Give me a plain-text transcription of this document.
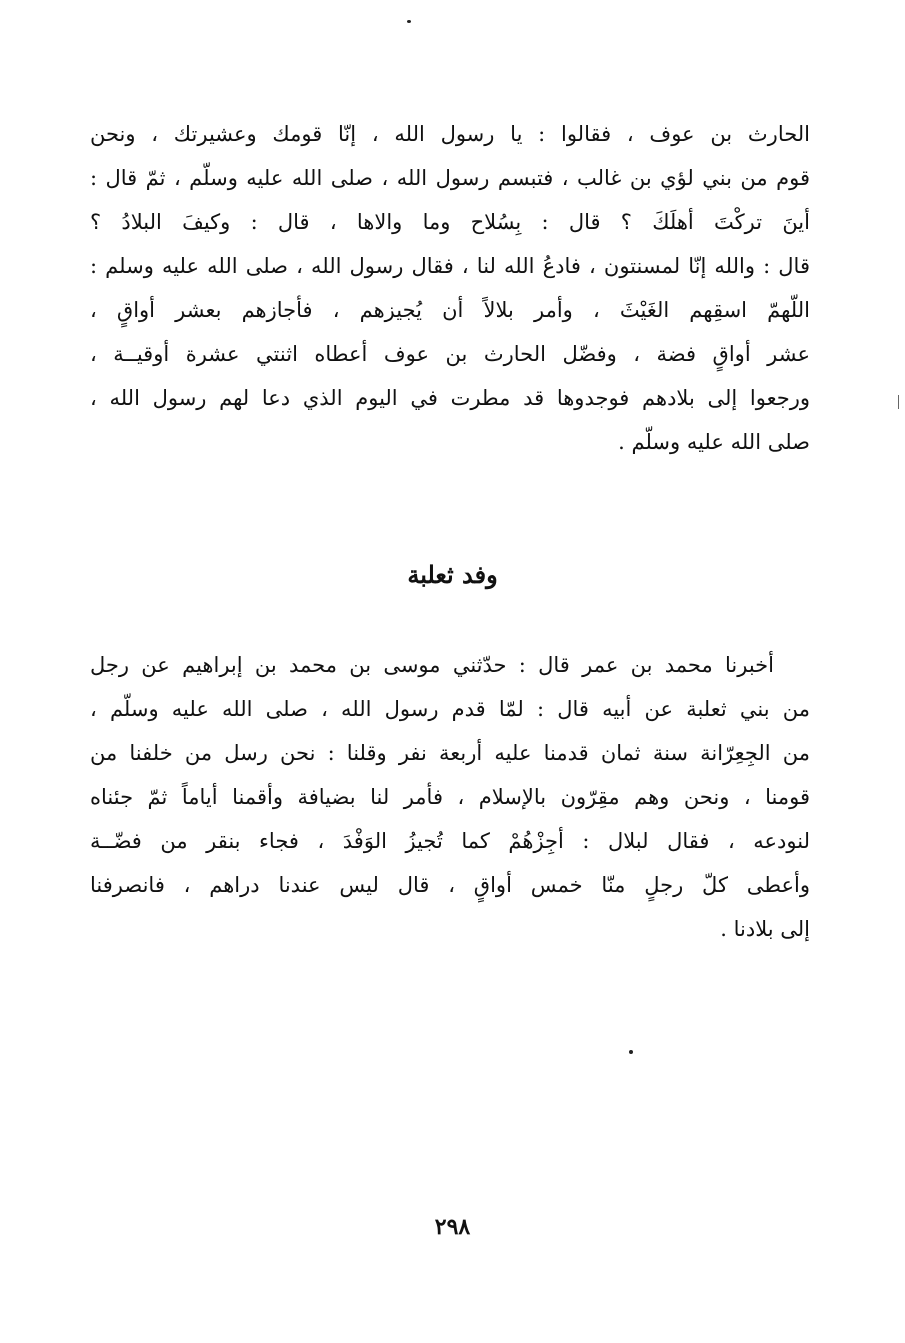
الحارث بن عوف ، فقالوا : يا رسول الله ، إنّا قومك وعشيرتك ، ونحن
قوم من بني لؤي بن غالب ، فتبسم رسول الله ، صلى الله عليه وسلّم ، ثمّ قال :
أينَ تركْتَ أهلَكَ ؟ قال : بِسُلاح وما والاها ، قال : وكيفَ البلادُ ؟
قال : والله إنّا لمسنتون ، فادعُ الله لنا ، فقال رسول الله ، صلى الله عليه وسلم :
اللّهمّ اسقِهم الغَيْثَ ، وأمر بلالاً أن يُجيزهم ، فأجازهم بعشر أواقٍ ،
عشر أواقٍ فضة ، وفضّل الحارث بن عوف أعطاه اثنتي عشرة أوقيــة ،
ورجعوا إلى بلادهم فوجدوها قد مطرت في اليوم الذي دعا لهم رسول الله ،
صلى الله عليه وسلّم .
وفد ثعلبة
أخبرنا محمد بن عمر قال : حدّثني موسى بن محمد بن إبراهيم عن رجل
من بني ثعلبة عن أبيه قال : لمّا قدم رسول الله ، صلى الله عليه وسلّم ،
من الجِعِرّانة سنة ثمان قدمنا عليه أربعة نفر وقلنا : نحن رسل من خلفنا من
قومنا ، ونحن وهم مقِرّون بالإسلام ، فأمر لنا بضيافة وأقمنا أياماً ثمّ جئناه
لنودعه ، فقال لبلال : أجِزْهُمْ كما تُجيزُ الوَفْدَ ، فجاء بنقر من فضّــة
وأعطى كلّ رجلٍ منّا خمس أواقٍ ، قال ليس عندنا دراهم ، فانصرفنا
إلى بلادنا .
٢٩٨
